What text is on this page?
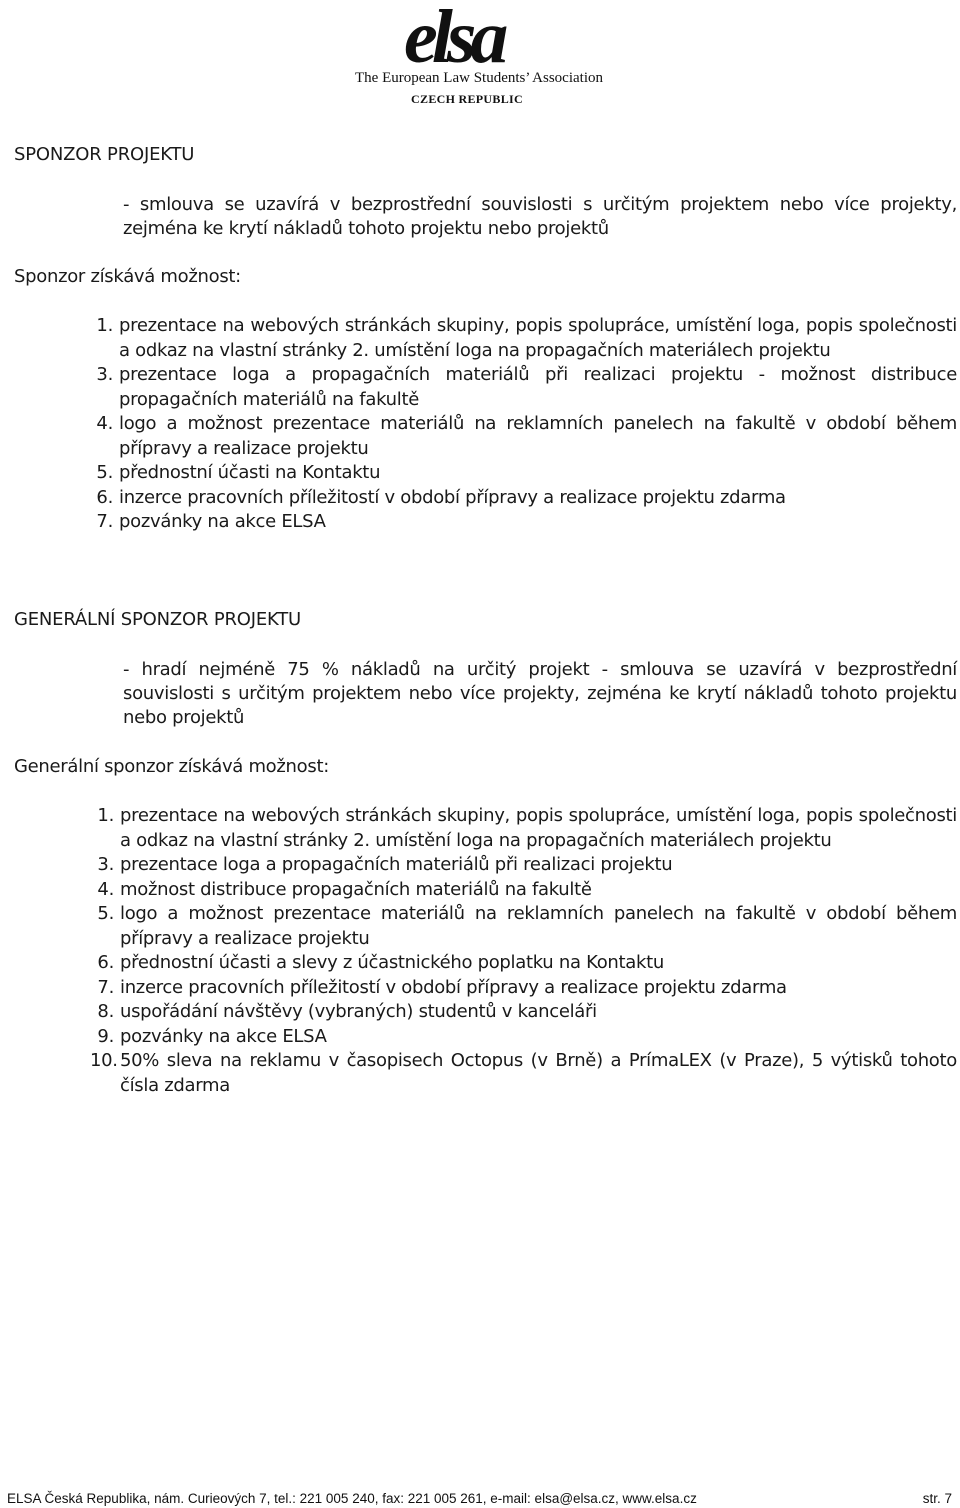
elsa
The European Law Students’ Association
CZECH REPUBLIC
SPONZOR PROJEKTU
- smlouva se uzavírá v bezprostřední souvislosti s určitým projektem nebo více projekty, zejména ke krytí nákladů tohoto projektu nebo projektů
Sponzor získává možnost:
1. prezentace na webových stránkách skupiny, popis spolupráce, umístění loga, popis společnosti a odkaz na vlastní stránky 2. umístění loga na propagačních materiálech projektu
3. prezentace loga a propagačních materiálů při realizaci projektu - možnost distribuce propagačních materiálů na fakultě
4. logo a možnost prezentace materiálů na reklamních panelech na fakultě v období během přípravy a realizace projektu
5. přednostní účasti na Kontaktu
6. inzerce pracovních příležitostí v období přípravy a realizace projektu zdarma
7. pozvánky na akce ELSA
GENERÁLNÍ SPONZOR PROJEKTU
- hradí nejméně 75 % nákladů na určitý projekt - smlouva se uzavírá v bezprostřední souvislosti s určitým projektem nebo více projekty, zejména ke krytí nákladů tohoto projektu nebo projektů
Generální sponzor získává možnost:
1. prezentace na webových stránkách skupiny, popis spolupráce, umístění loga, popis společnosti a odkaz na vlastní stránky 2. umístění loga na propagačních materiálech projektu
3. prezentace loga a propagačních materiálů při realizaci projektu
4. možnost distribuce propagačních materiálů na fakultě
5. logo a možnost prezentace materiálů na reklamních panelech na fakultě v období během přípravy a realizace projektu
6. přednostní účasti a slevy z účastnického poplatku na Kontaktu
7. inzerce pracovních příležitostí v období přípravy a realizace projektu zdarma
8. uspořádání návštěvy (vybraných) studentů v kanceláři
9. pozvánky na akce ELSA
10. 50% sleva na reklamu v časopisech Octopus (v Brně) a PrímaLEX (v Praze), 5 výtisků tohoto čísla zdarma
ELSA Česká Republika, nám. Curieových 7, tel.: 221 005 240, fax: 221 005 261, e-mail: elsa@elsa.cz, www.elsa.cz	str. 7
